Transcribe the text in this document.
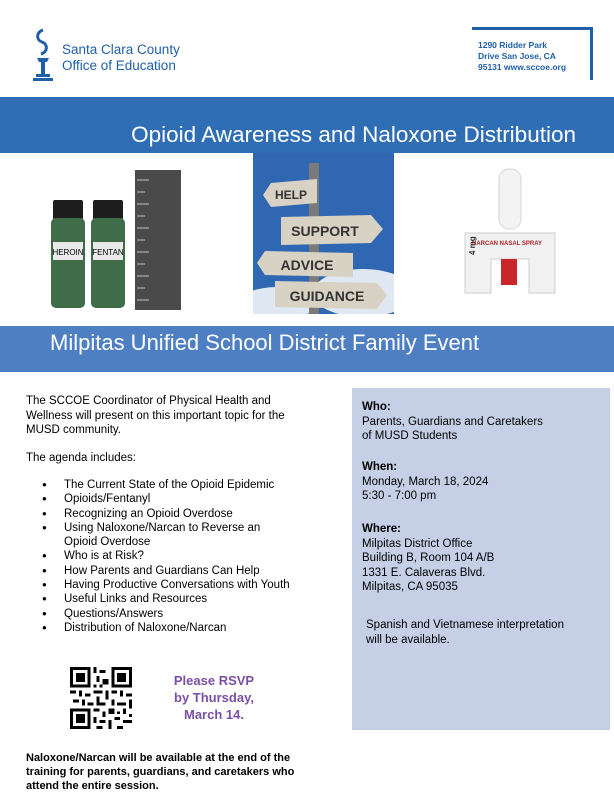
Santa Clara County
Office of Education
1290 Ridder Park
Drive San Jose, CA
95131 www.sccoe.org
Opioid Awareness and Naloxone Distribution
HEROIN FENTAN
HELP
SUPPORT
ADVICE
GUIDANCE
NARCAN NASAL SPRAY
4 mg
Milpitas Unified School District Family Event
The SCCOE Coordinator of Physical Health and Wellness will present on this important topic for the MUSD community.
The agenda includes:
● The Current State of the Opioid Epidemic
● Opioids/Fentanyl
● Recognizing an Opioid Overdose
● Using Naloxone/Narcan to Reverse an Opioid Overdose
● Who is at Risk?
● How Parents and Guardians Can Help
● Having Productive Conversations with Youth
● Useful Links and Resources
● Questions/Answers
● Distribution of Naloxone/Narcan
Please RSVP
by Thursday,
March 14.
Naloxone/Narcan will be available at the end of the training for parents, guardians, and caretakers who attend the entire session.
Who:
Parents, Guardians and Caretakers
of MUSD Students
When:
Monday, March 18, 2024
5:30 - 7:00 pm
Where:
Milpitas District Office
Building B, Room 104 A/B
1331 E. Calaveras Blvd.
Milpitas, CA 95035
Spanish and Vietnamese interpretation
will be available.
